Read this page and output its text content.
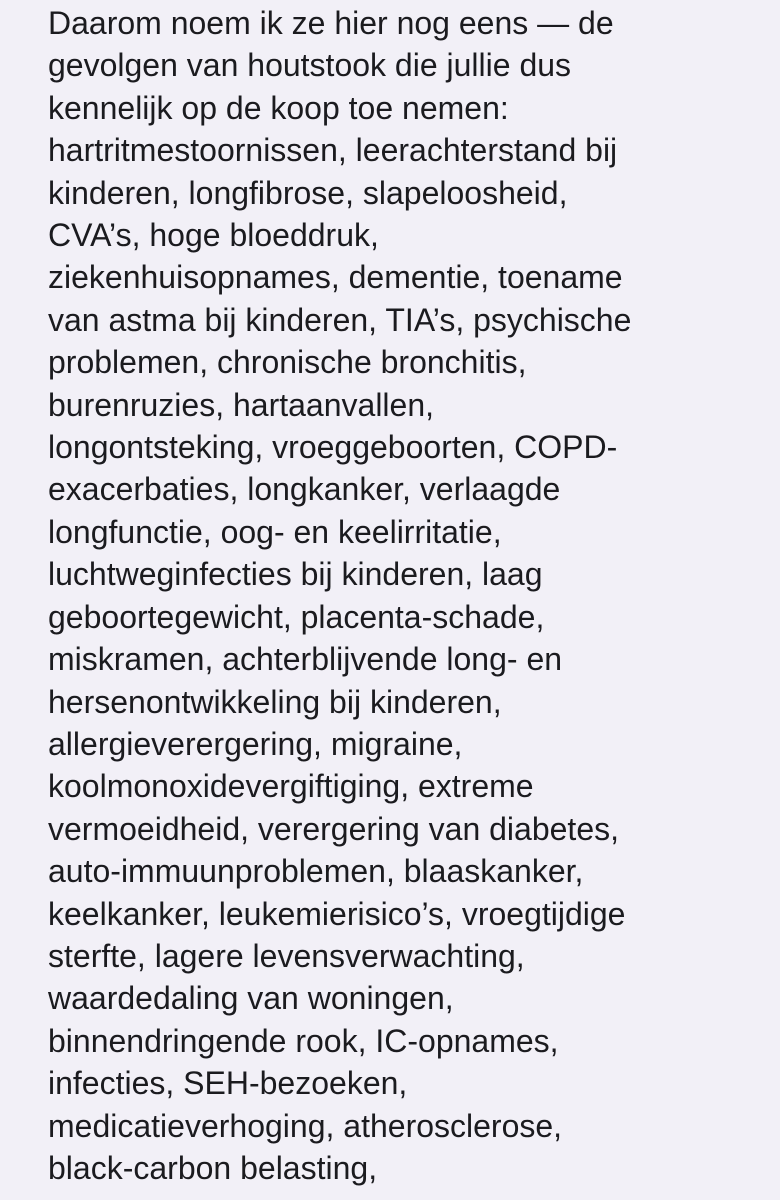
Daarom noem ik ze hier nog eens — de
gevolgen van houtstook die jullie dus
kennelijk op de koop toe nemen:
hartritmestoornissen, leerachterstand bij
kinderen, longfibrose, slapeloosheid,
CVA’s, hoge bloeddruk,
ziekenhuisopnames, dementie, toename
van astma bij kinderen, TIA’s, psychische
problemen, chronische bronchitis,
burenruzies, hartaanvallen,
longontsteking, vroeggeboorten, COPD-
exacerbaties, longkanker, verlaagde
longfunctie, oog- en keelirritatie,
luchtweginfecties bij kinderen, laag
geboortegewicht, placenta-schade,
miskramen, achterblijvende long- en
hersenontwikkeling bij kinderen,
allergieverergering, migraine,
koolmonoxidevergiftiging, extreme
vermoeidheid, verergering van diabetes,
auto-immuunproblemen, blaaskanker,
keelkanker, leukemierisico’s, vroegtijdige
sterfte, lagere levensverwachting,
waardedaling van woningen,
binnendringende rook, IC-opnames,
infecties, SEH-bezoeken,
medicatieverhoging, atherosclerose,
black-carbon belasting,
